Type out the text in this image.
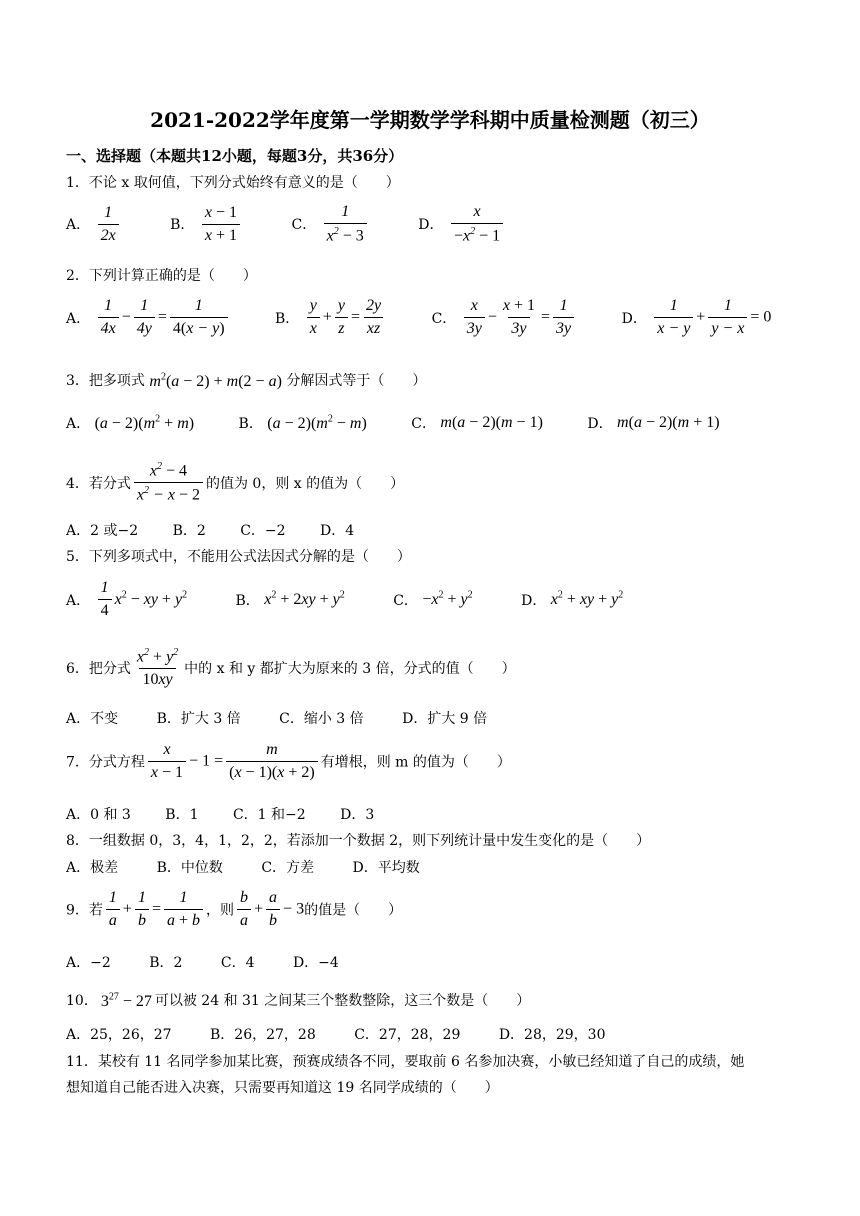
2021-2022学年度第一学期数学学科期中质量检测题（初三）
一、选择题（本题共12小题，每题3分，共36分）
1．不论 x 取何值，下列分式始终有意义的是（　　）
A． $\frac{1}{2x}$	B． $\frac{x - 1}{x + 1}$	C． $\frac{1}{x^2 - 3}$	D． $\frac{x}{-x^2 - 1}$
2．下列计算正确的是（　　）
A． $\frac{1}{4x} - \frac{1}{4y} = \frac{1}{4(x - y)}$	B． $\frac{y}{x} + \frac{y}{z} = \frac{2y}{xz}$	C． $\frac{x}{3y} - \frac{x + 1}{3y} = \frac{1}{3y}$	D． $\frac{1}{x - y} + \frac{1}{y - x} = 0$
3．把多项式 $m^2(a - 2) + m(2 - a)$ 分解因式等于（　　）
A． $(a - 2)(m^2 + m)$	B． $(a - 2)(m^2 - m)$	C． m(a − 2)(m − 1)	D． m(a − 2)(m + 1)
4．若分式 $\frac{x^2 - 4}{x^2 - x - 2}$ 的值为 0，则 x 的值为（　　）
A．2 或−2 B．2 C．−2 D．4
5．下列多项式中，不能用公式法因式分解的是（　　）
A． $\frac{1}{4} x^2$ − xy + $y^2$	B． $x^2 + 2xy + y^2$	C． $-x^2 + y^2$	D． $x^2$ + xy + $y^2$
6．把分式 $\frac{x^2 + y^2}{10xy}$ 中的 x 和 y 都扩大为原来的 3 倍，分式的值（　　）
A．不变	B．扩大 3 倍	C．缩小 3 倍	D．扩大 9 倍
7．分式方程 $\frac{x}{x - 1} - 1 = \frac{m}{(x - 1)(x + 2)}$ 有增根，则 m 的值为（　　）
A．0 和 3 B．1 C．1 和−2 D．3
8．一组数据 0，3，4，1，2，2，若添加一个数据 2，则下列统计量中发生变化的是（　　）
A．极差	B．中位数	C．方差	D．平均数
9．若 $\frac{1}{a} + \frac{1}{b} = \frac{1}{a + b}$ ，则 $\frac{b}{a} + \frac{a}{b} - 3$的值是（　　）
A．−2	B．2	C．4	D．−4
10． $3^{27} - 27$ 可以被 24 和 31 之间某三个整数整除，这三个数是（　　）
A．25，26，27	B．26，27，28	C．27，28，29	D．28，29，30
11．某校有 11 名同学参加某比赛，预赛成绩各不同，要取前 6 名参加决赛，小敏已经知道了自己的成绩，她
想知道自己能否进入决赛，只需要再知道这 19 名同学成绩的（　　）
